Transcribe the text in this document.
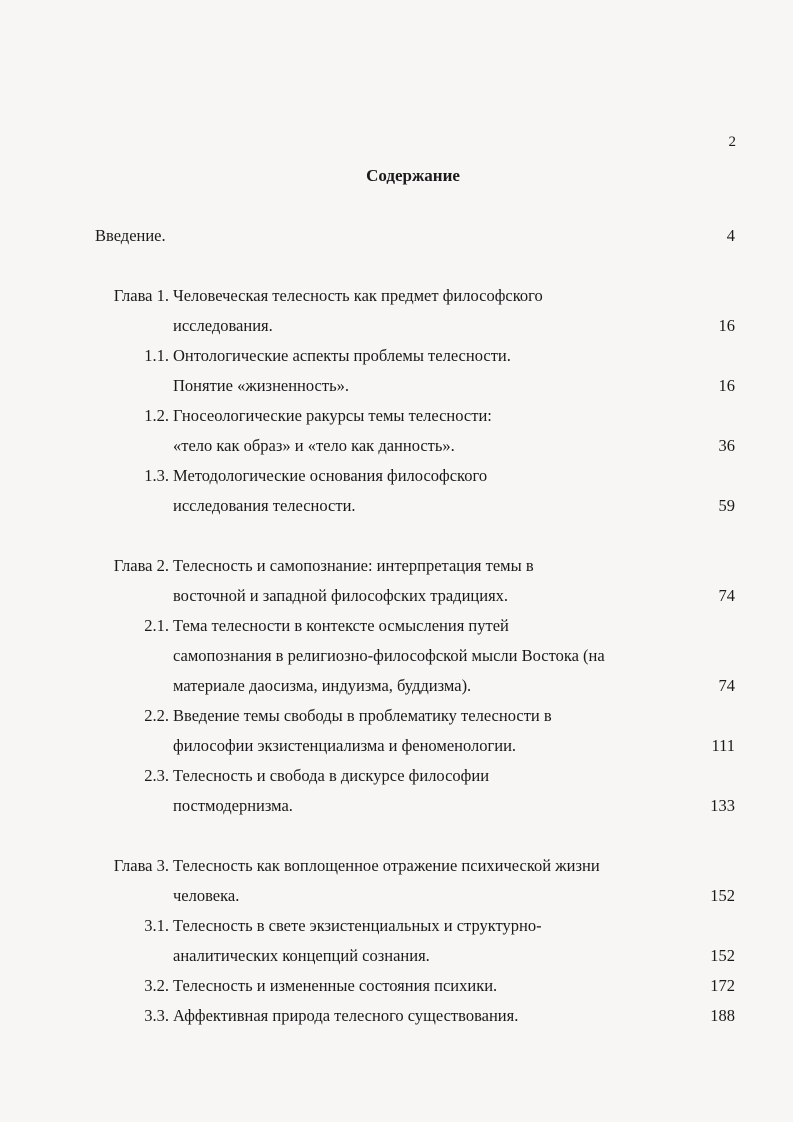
2
Содержание
Введение.	4
Глава 1. Человеческая телесность как предмет философского
исследования.	16
1.1. Онтологические аспекты проблемы телесности.
Понятие «жизненность».	16
1.2. Гносеологические ракурсы темы телесности:
«тело как образ» и «тело как данность».	36
1.3. Методологические основания философского
исследования телесности.	59
Глава 2. Телесность и самопознание: интерпретация темы в
восточной и западной философских традициях.	74
2.1. Тема телесности в контексте осмысления путей
самопознания в религиозно-философской мысли Востока (на
материале даосизма, индуизма, буддизма).	74
2.2. Введение темы свободы в проблематику телесности в
философии экзистенциализма и феноменологии.	111
2.3. Телесность и свобода в дискурсе философии
постмодернизма.	133
Глава 3. Телесность как воплощенное отражение психической жизни
человека.	152
3.1. Телесность в свете экзистенциальных и структурно-
аналитических концепций сознания.	152
3.2. Телесность и измененные состояния психики.	172
3.3. Аффективная природа телесного существования.	188
